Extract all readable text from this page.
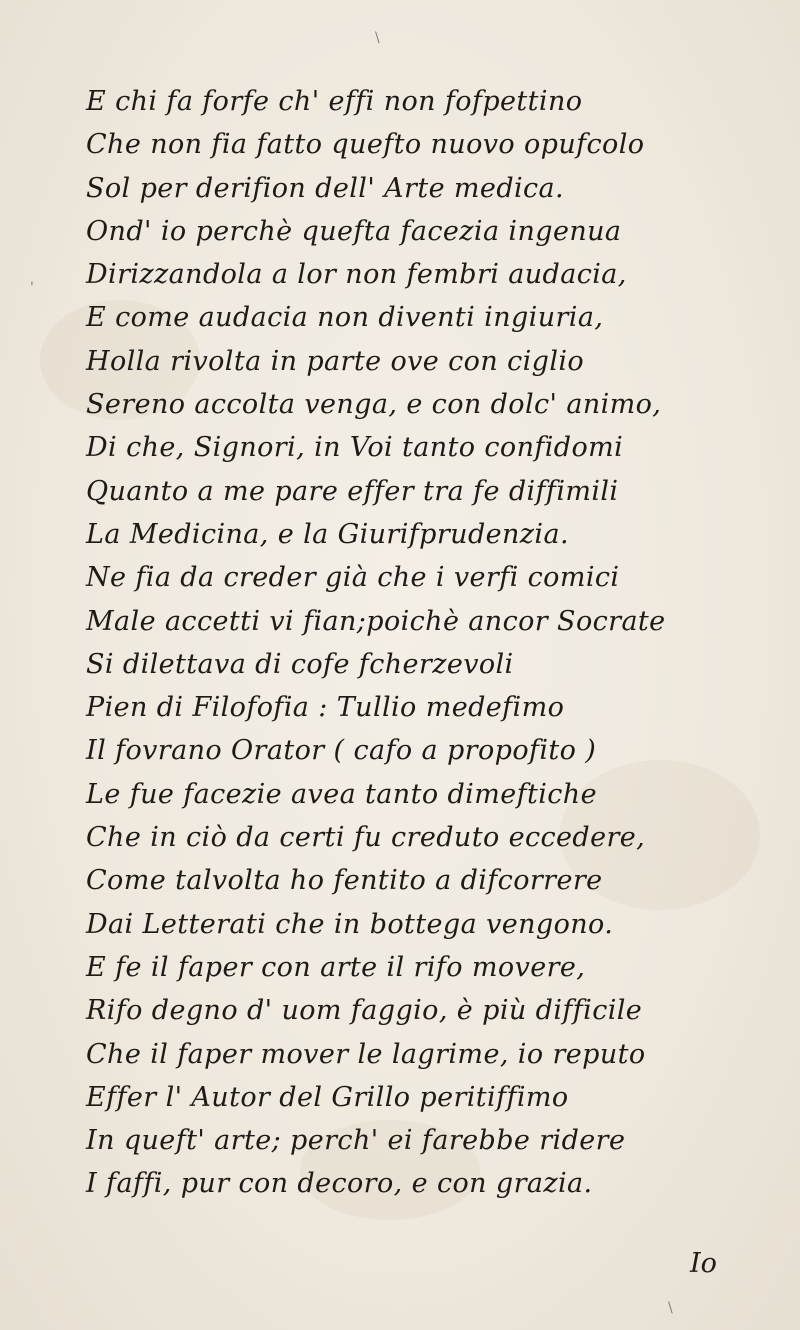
\
'
\

E chi fa forfe ch' effi non fofpettino

Che non fia fatto quefto nuovo opufcolo

Sol per derifion dell' Arte medica.

Ond' io perchè quefta facezia ingenua

Dirizzandola a lor non fembri audacia,

E come audacia non diventi ingiuria,

Holla rivolta in parte ove con ciglio

Sereno accolta venga, e con dolc' animo,

Di che, Signori, in Voi tanto confidomi

Quanto a me pare effer tra fe diffimili

La Medicina, e la Giurifprudenzia.

Ne fia da creder già che i verfi comici

Male accetti vi fian;poichè ancor Socrate

Si dilettava di cofe fcherzevoli

Pien di Filofofia : Tullio medefimo

Il fovrano Orator ( cafo a propofito )

Le fue facezie avea tanto dimeftiche

Che in ciò da certi fu creduto eccedere,

Come talvolta ho fentito a difcorrere

Dai Letterati che in bottega vengono.

E fe il faper con arte il rifo movere,

Rifo degno d' uom faggio, è più difficile

Che il faper mover le lagrime, io reputo

Effer l' Autor del Grillo peritiffimo

In queft' arte; perch' ei farebbe ridere

I faffi, pur con decoro, e con grazia.

Io
